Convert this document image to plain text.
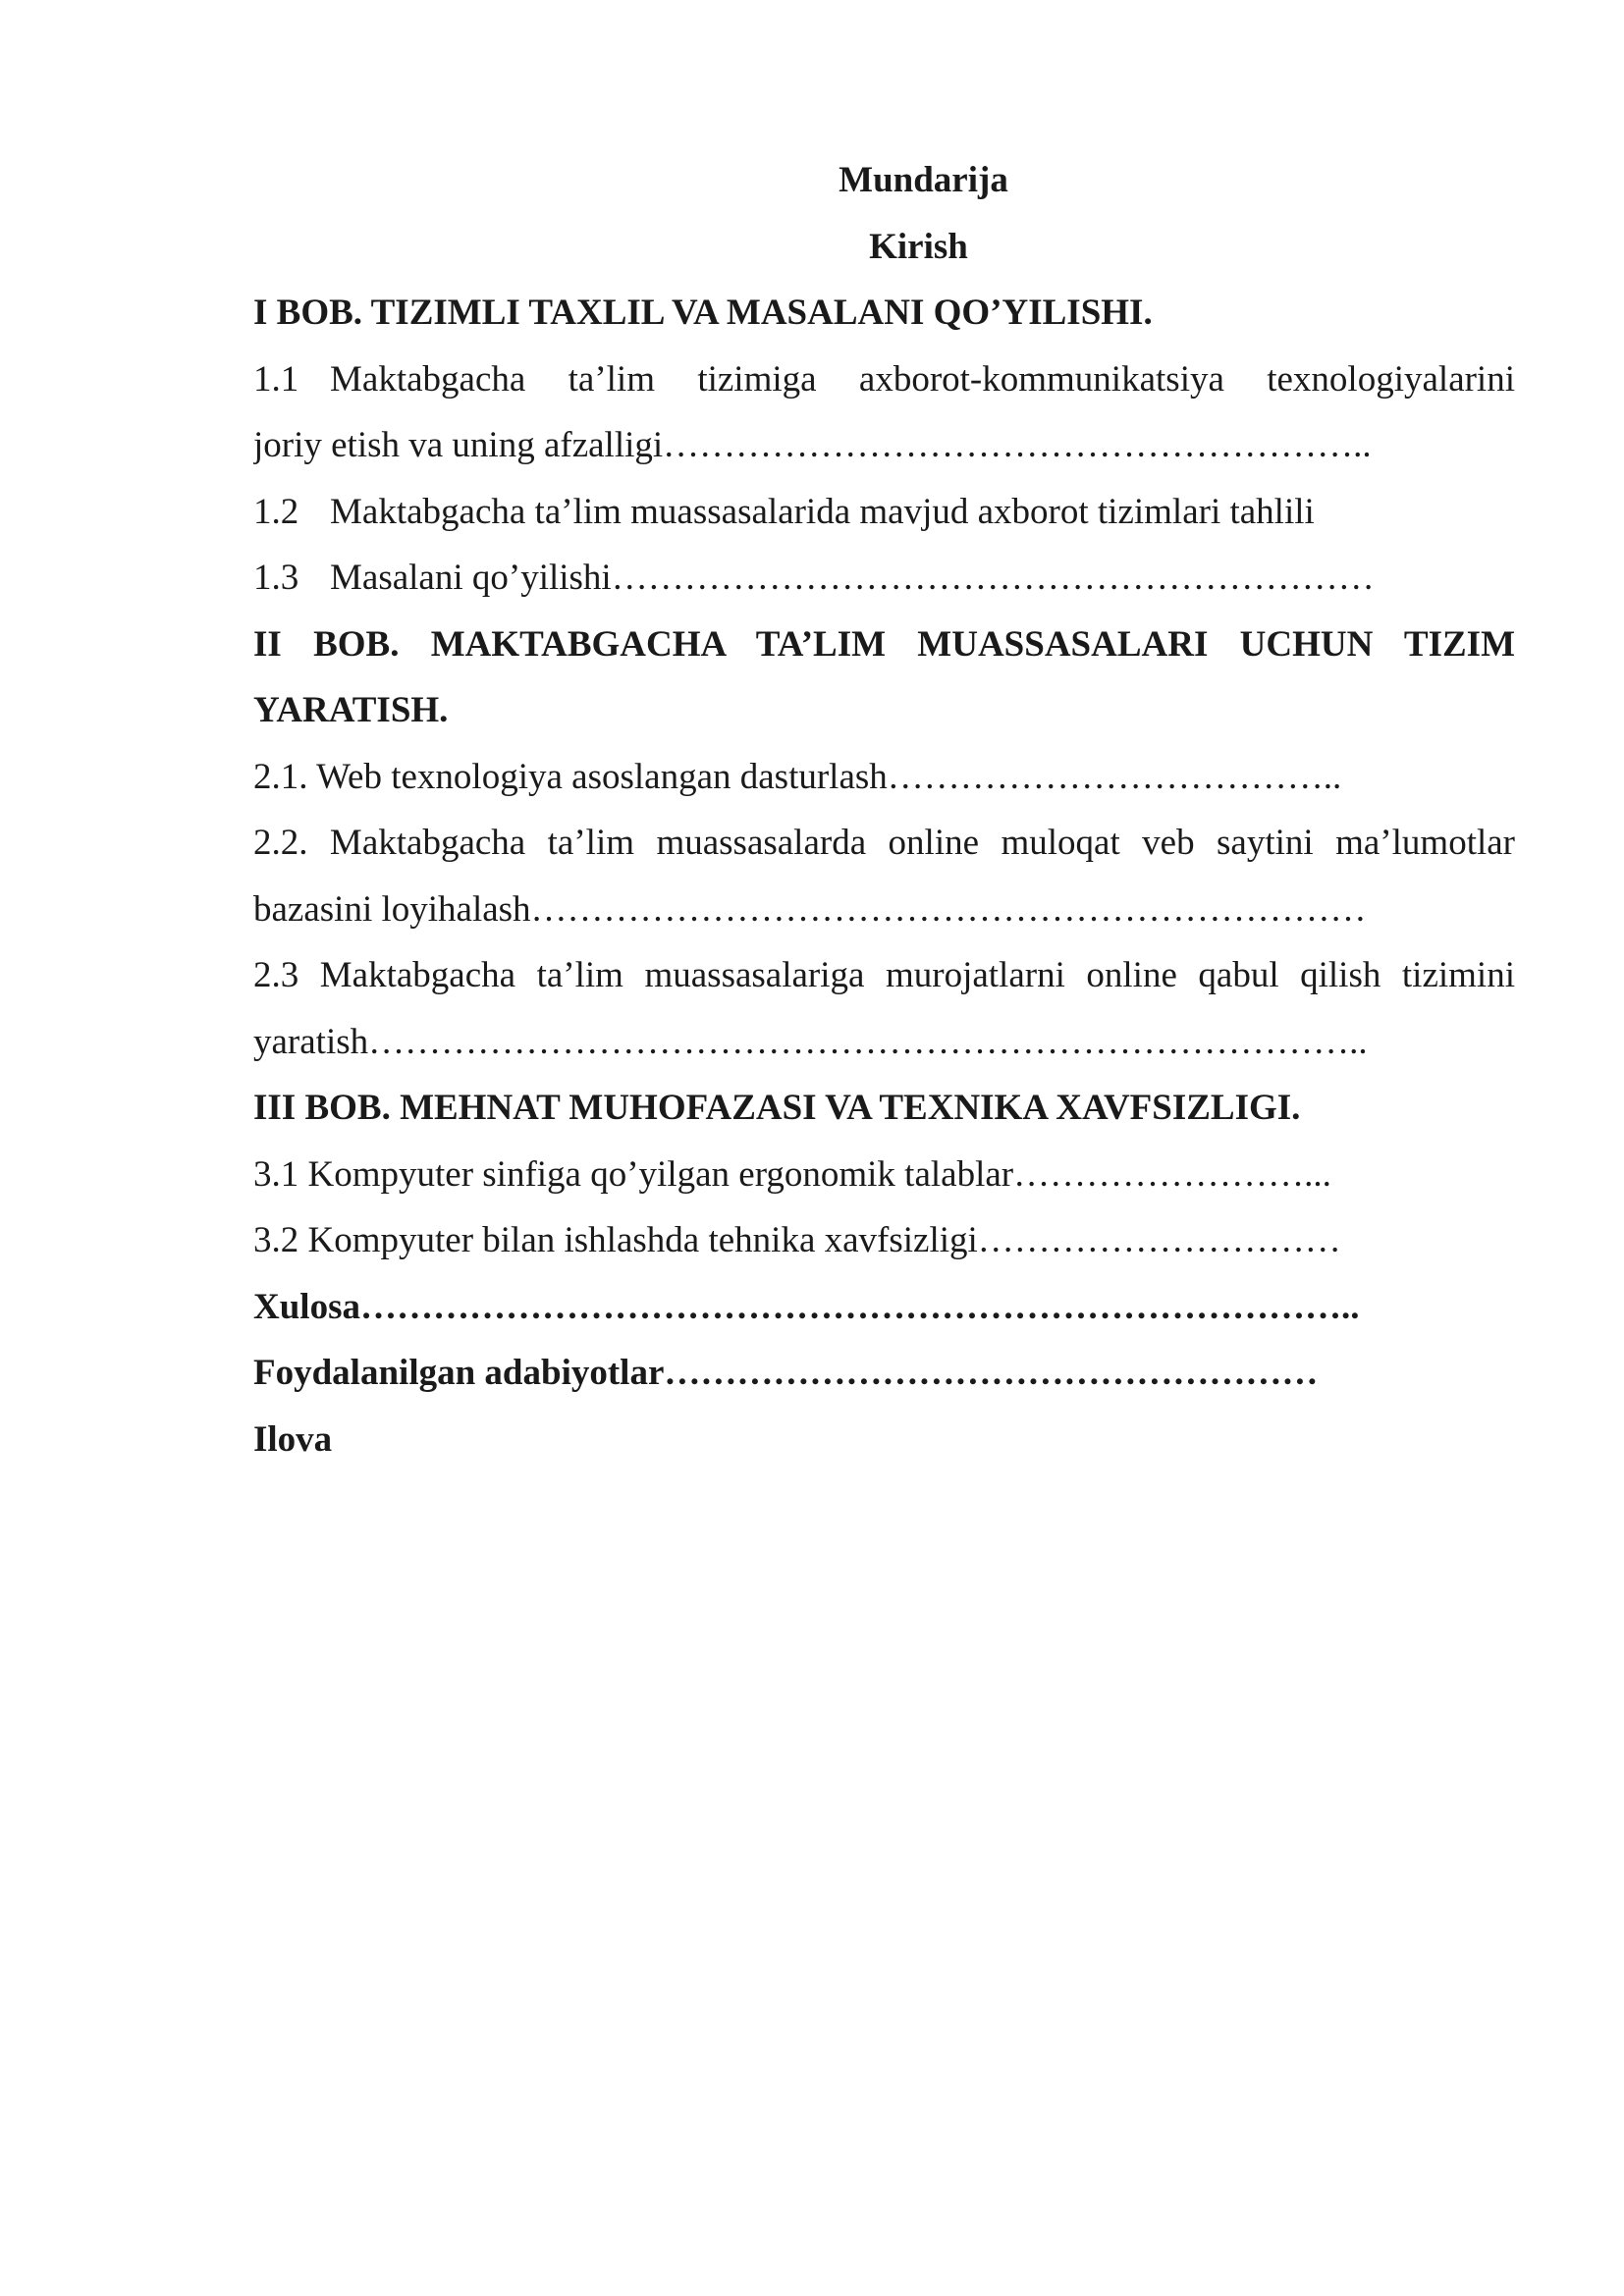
Mundarija
Kirish
I BOB. TIZIMLI TAXLIL VA MASALANI QO’YILISHI.
1.1 Maktabgacha ta’lim tizimiga axborot-kommunikatsiya texnologiyalarini
joriy etish va uning afzalligi…………………………………………………..
1.2 Maktabgacha ta’lim muassasalarida mavjud axborot tizimlari tahlili
1.3 Masalani qo’yilishi………………………………………………………
II BOB. MAKTABGACHA TA’LIM MUASSASALARI UCHUN TIZIM
YARATISH.
2.1. Web texnologiya asoslangan dasturlash………………………………..
2.2. Maktabgacha ta’lim muassasalarda online muloqat veb saytini ma’lumotlar
bazasini loyihalash……………………………………………………………
2.3 Maktabgacha ta’lim muassasalariga murojatlarni online qabul qilish tizimini
yaratish………………………………………………………………………..
III BOB. MEHNAT MUHOFAZASI VA TEXNIKA XAVFSIZLIGI.
3.1 Kompyuter sinfiga qo’yilgan ergonomik talablar……………………...
3.2 Kompyuter bilan ishlashda tehnika xavfsizligi…………………………
Xulosa………………………………………………………………………..
Foydalanilgan adabiyotlar………………………………………………
Ilova
